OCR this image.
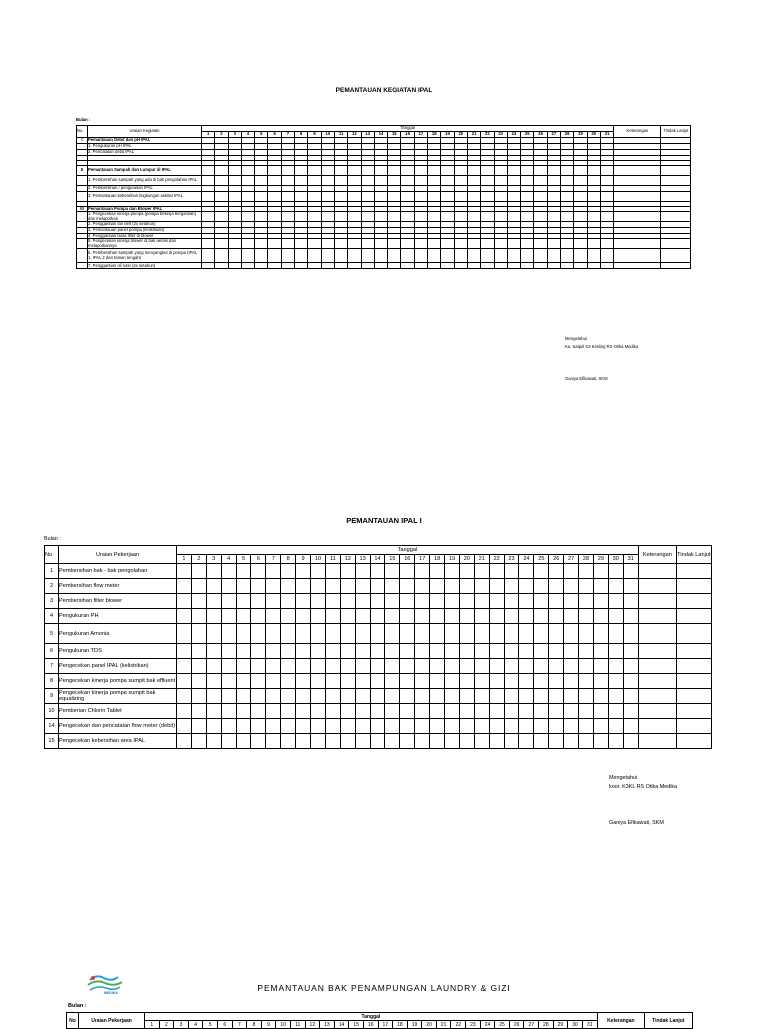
PEMANTAUAN KEGIATAN IPAL
Bulan :
No.	Uraian Kegiatan	Tanggal																															Keterangan	Tindak Lanjut
		1	2	3	4	5	6	7	8	9	10	11	12	13	14	15	16	17	18	19	20	21	22	23	24	25	26	27	28	29	30	31		
I	Pemantauan Debit dan pH IPAL																																	
	1. Pengukuran pH IPAL																																	
	2. Pencatatan debit IPAL																																	

II	Pemantauan Sampah dan Lumpur di IPAL																																	
	1. Pembersihan sampah yang ada di bak pengolahan IPAL																																	
	2. Pembersihan / pengurasan IPAL																																	
	3. Pemantauan kebersihan lingkungan sekitar IPAL																																	

III	Pemantauan Pompa dan Blower IPAL																																	
	1. Pengecekan kinerja pompa (pompa bekerja bergantian) dan melaporkan																																	
	2. Penggantian fan belt (2x setahun)																																	
	3. Pemantauan panel pompa (kelistrikan)																																	
	4. Penggantian busa filter di blower																																	
	5. Pengecekan kinerja blower di bak aerasi dan melaporkannya																																	
	6. Pembersihan sampah yang menyangkut di pompa (IPAL 1, IPAL 2 dan taman tengah)																																	
	7. Penggantian oli rutin (4x setahun)																																	
Mengetahui
Ka. Satpel K3 Kesling RS Otika Medika
Ganiya Efikawati, SKM
PEMANTAUAN IPAL I
Bulan :
No	Uraian Pekerjaan	Tanggal																															Keterangan	Tindak Lanjut
		1	2	3	4	5	6	7	8	9	10	11	12	13	14	15	16	17	18	19	20	21	22	23	24	25	26	27	28	29	30	31		
1	Pembersihan bak - bak pengolahan																																	
2	Pembersihan flow meter																																	
3	Pembersihan filter blower																																	
4	Pengukuran PH																																	
5	Pengukuran Amonia																																	
6	Pengukuran TDS																																	
7	Pengecekan panel IPAL (kelistrikan)																																	
8	Pengecekan kinerja pompa sumpit bak effluent																																	
9	Pengecekan kinerja pompa sumpit bak equalizing																																	
10	Pemberian Chlorin Tablet																																	
14	Pengecekan dan pencatatan flow meter (debit)																																	
15	Pengecekan kebersihan area IPAL																																	
Mengetahui
koor. K3KL RS Otika Medika
Ganiya Efikawati, SKM
MEDIKA	PEMANTAUAN BAK PENAMPUNGAN LAUNDRY & GIZI
Bulan :
No	Uraian Pekerjaan	Tanggal																															Keterangan	Tindak Lanjut
		1	2	3	4	5	6	7	8	9	10	11	12	13	14	15	16	17	18	19	20	21	22	23	24	25	26	27	28	29	30	31		
